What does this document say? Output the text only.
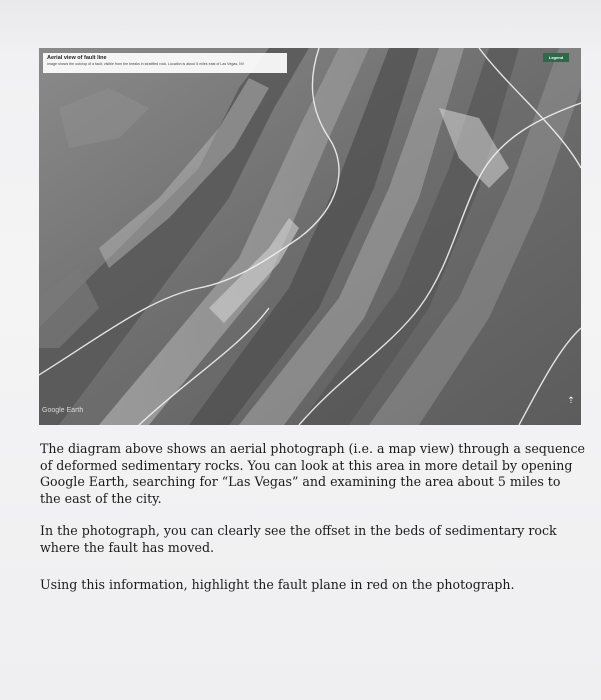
Aerial view of fault line
Image shows the outcrop of a fault, visible from the breaks in stratified rock. Location is about 5 miles east of Las Vegas, NV
Legend
Google Earth
⇡
The diagram above shows an aerial photograph (i.e. a map view) through a sequence of deformed sedimentary rocks. You can look at this area in more detail by opening Google Earth, searching for “Las Vegas” and examining the area about 5 miles to the east of the city.
In the photograph, you can clearly see the offset in the beds of sedimentary rock where the fault has moved.
Using this information, highlight the fault plane in red on the photograph.
